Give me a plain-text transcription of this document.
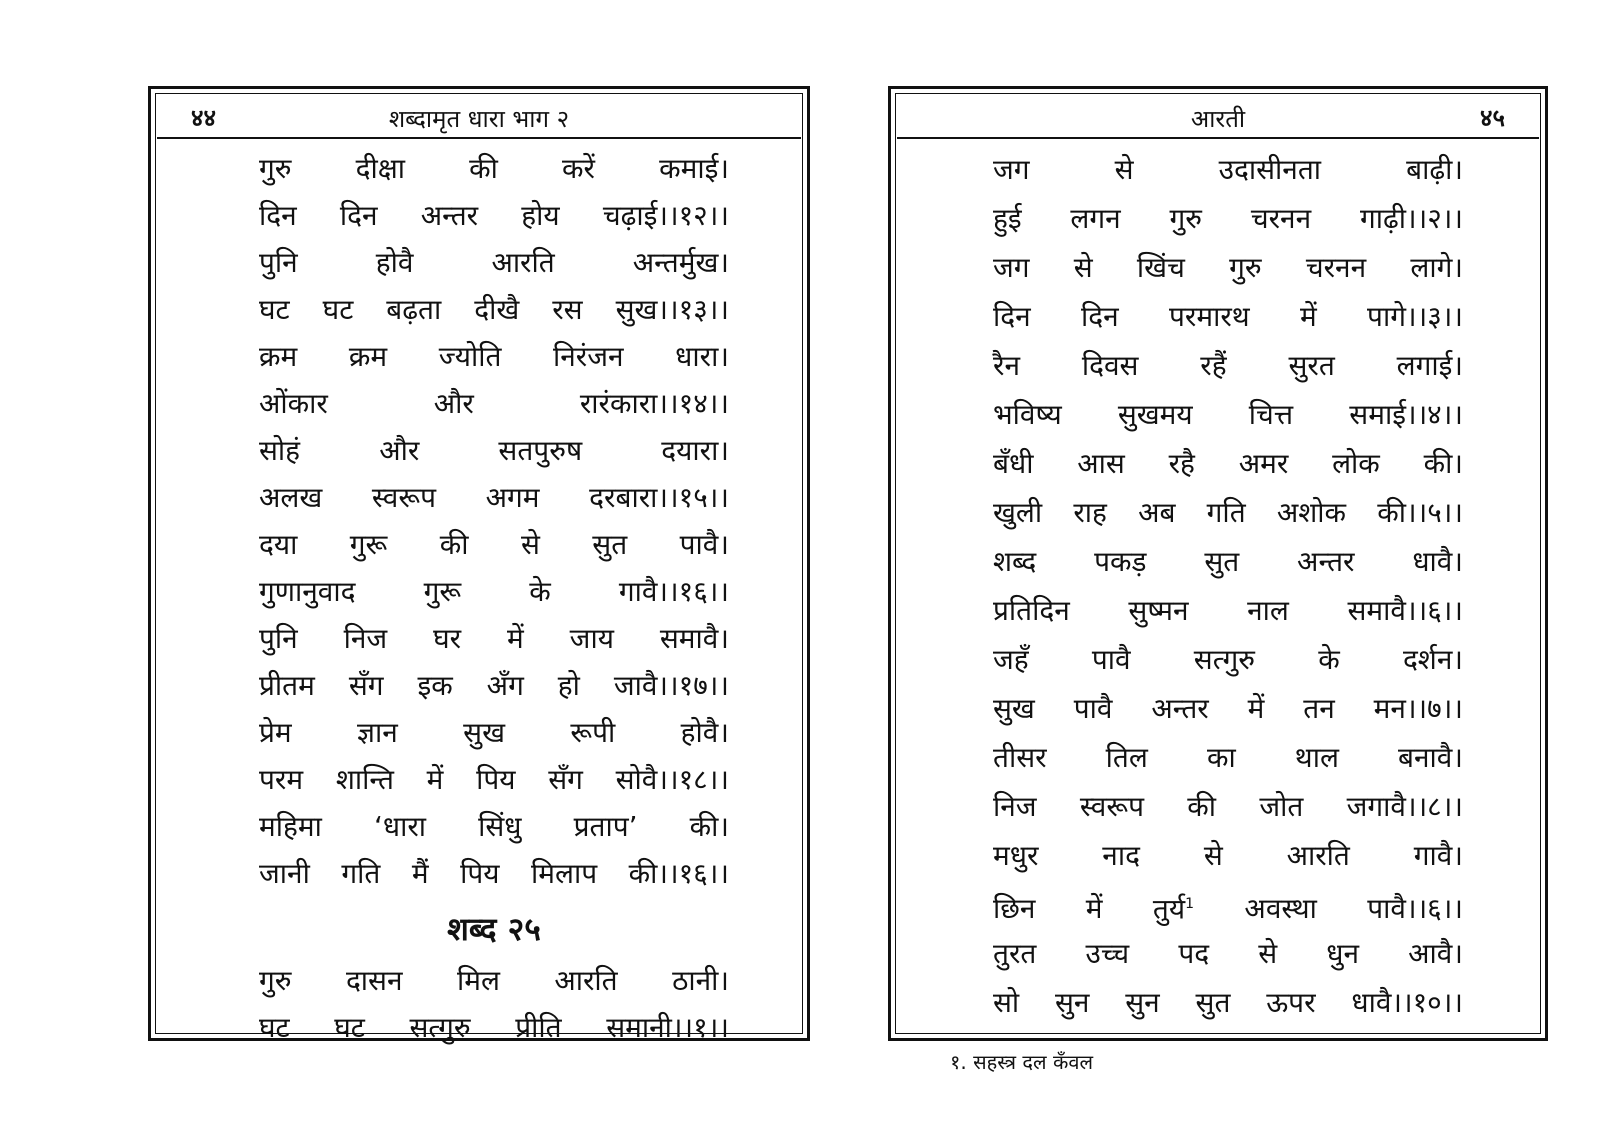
४४	शब्दामृत धारा भाग २
गुरु दीक्षा की करें कमाई।
दिन दिन अन्तर होय चढ़ाई।।१२।।
पुनि	होवै	आरति	अन्तर्मुख।
घट घट बढ़ता दीखै रस सुख।।१३।।
क्रम क्रम ज्योति निरंजन धारा।
ओंकार	और	रारंकारा।।१४।।
सोहं	और	सतपुरुष	दयारा।
अलख स्वरूप अगम दरबारा।।१५।।
दया गुरू की से सुत पावै।
गुणानुवाद गुरू के गावै।।१६।।
पुनि निज घर में जाय समावै।
प्रीतम सँग इक अँग हो जावै।।१७।।
प्रेम ज्ञान सुख रूपी होवै।
परम शान्ति में पिय सँग सोवै।।१८।।
महिमा ‘धारा सिंधु प्रताप’ की।
जानी गति मैं पिय मिलाप की।।१६।।
शब्द २५
गुरु दासन मिल आरति ठानी।
घट घट सत्गुरु प्रीति समानी।।१।।
आरती	४५
जग	से	उदासीनता	बाढ़ी।
हुई लगन गुरु चरनन गाढ़ी।।२।।
जग से खिंच गुरु चरनन लागे।
दिन दिन परमारथ में पागे।।३।।
रैन दिवस रहैं सुरत लगाई।
भविष्य सुखमय चित्त समाई।।४।।
बँधी आस रहै अमर लोक की।
खुली राह अब गति अशोक की।।५।।
शब्द पकड़ सुत अन्तर धावै।
प्रतिदिन सुष्मन नाल समावै।।६।।
जहँ पावै सत्गुरु के दर्शन।
सुख पावै अन्तर में तन मन।।७।।
तीसर तिल का थाल बनावै।
निज स्वरूप की जोत जगावै।।८।।
मधुर नाद से आरति गावै।
छिन में तुर्य$^1$ अवस्था पावै।।६।।
तुरत उच्च पद से धुन आवै।
सो सुन सुन सुत ऊपर धावै।।१०।।
१. सहस्त्र दल कँवल
